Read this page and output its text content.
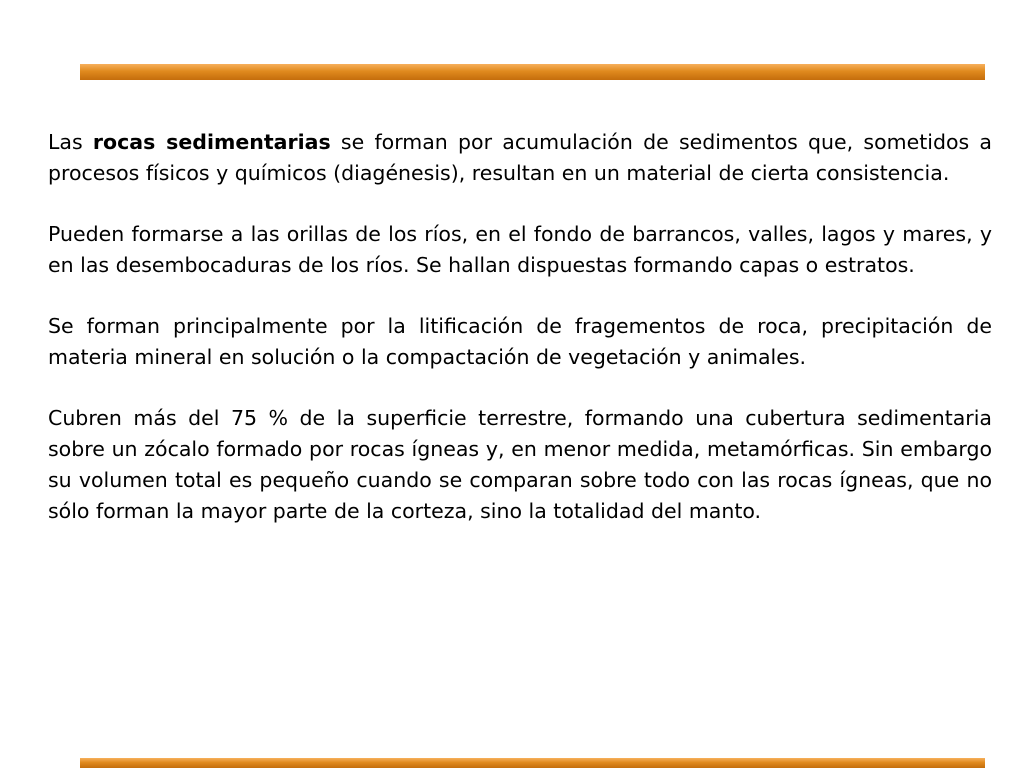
Las rocas sedimentarias se forman por acumulación de sedimentos que, sometidos a procesos físicos y químicos (diagénesis), resultan en un material de cierta consistencia.

Pueden formarse a las orillas de los ríos, en el fondo de barrancos, valles, lagos y mares, y en las desembocaduras de los ríos. Se hallan dispuestas formando capas o estratos.

Se forman principalmente por la litificación de fragementos de roca, precipitación de materia mineral en solución o la compactación de vegetación y animales.

Cubren más del 75 % de la superficie terrestre, formando una cubertura sedimentaria sobre un zócalo formado por rocas ígneas y, en menor medida, metamórficas. Sin embargo su volumen total es pequeño cuando se comparan sobre todo con las rocas ígneas, que no sólo forman la mayor parte de la corteza, sino la totalidad del manto.
